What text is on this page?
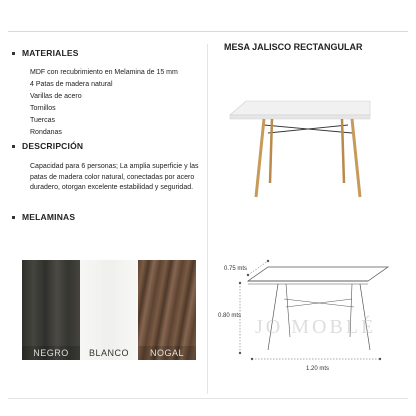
MATERIALES
MDF con recubrimiento en Melamina de 15 mm
4 Patas de madera natural
Varillas de acero
Tornillos
Tuercas
Rondanas
DESCRIPCIÓN
Capacidad para 6 personas; La amplia superficie y las patas de madera color natural, conectadas por acero duradero, otorgan excelente estabilidad y seguridad.
MELAMINAS
NEGRO	BLANCO	NOGAL
MESA JALISCO RECTANGULAR
0.75 mts
0.80 mts
1.20 mts
JO MOBLÉ
